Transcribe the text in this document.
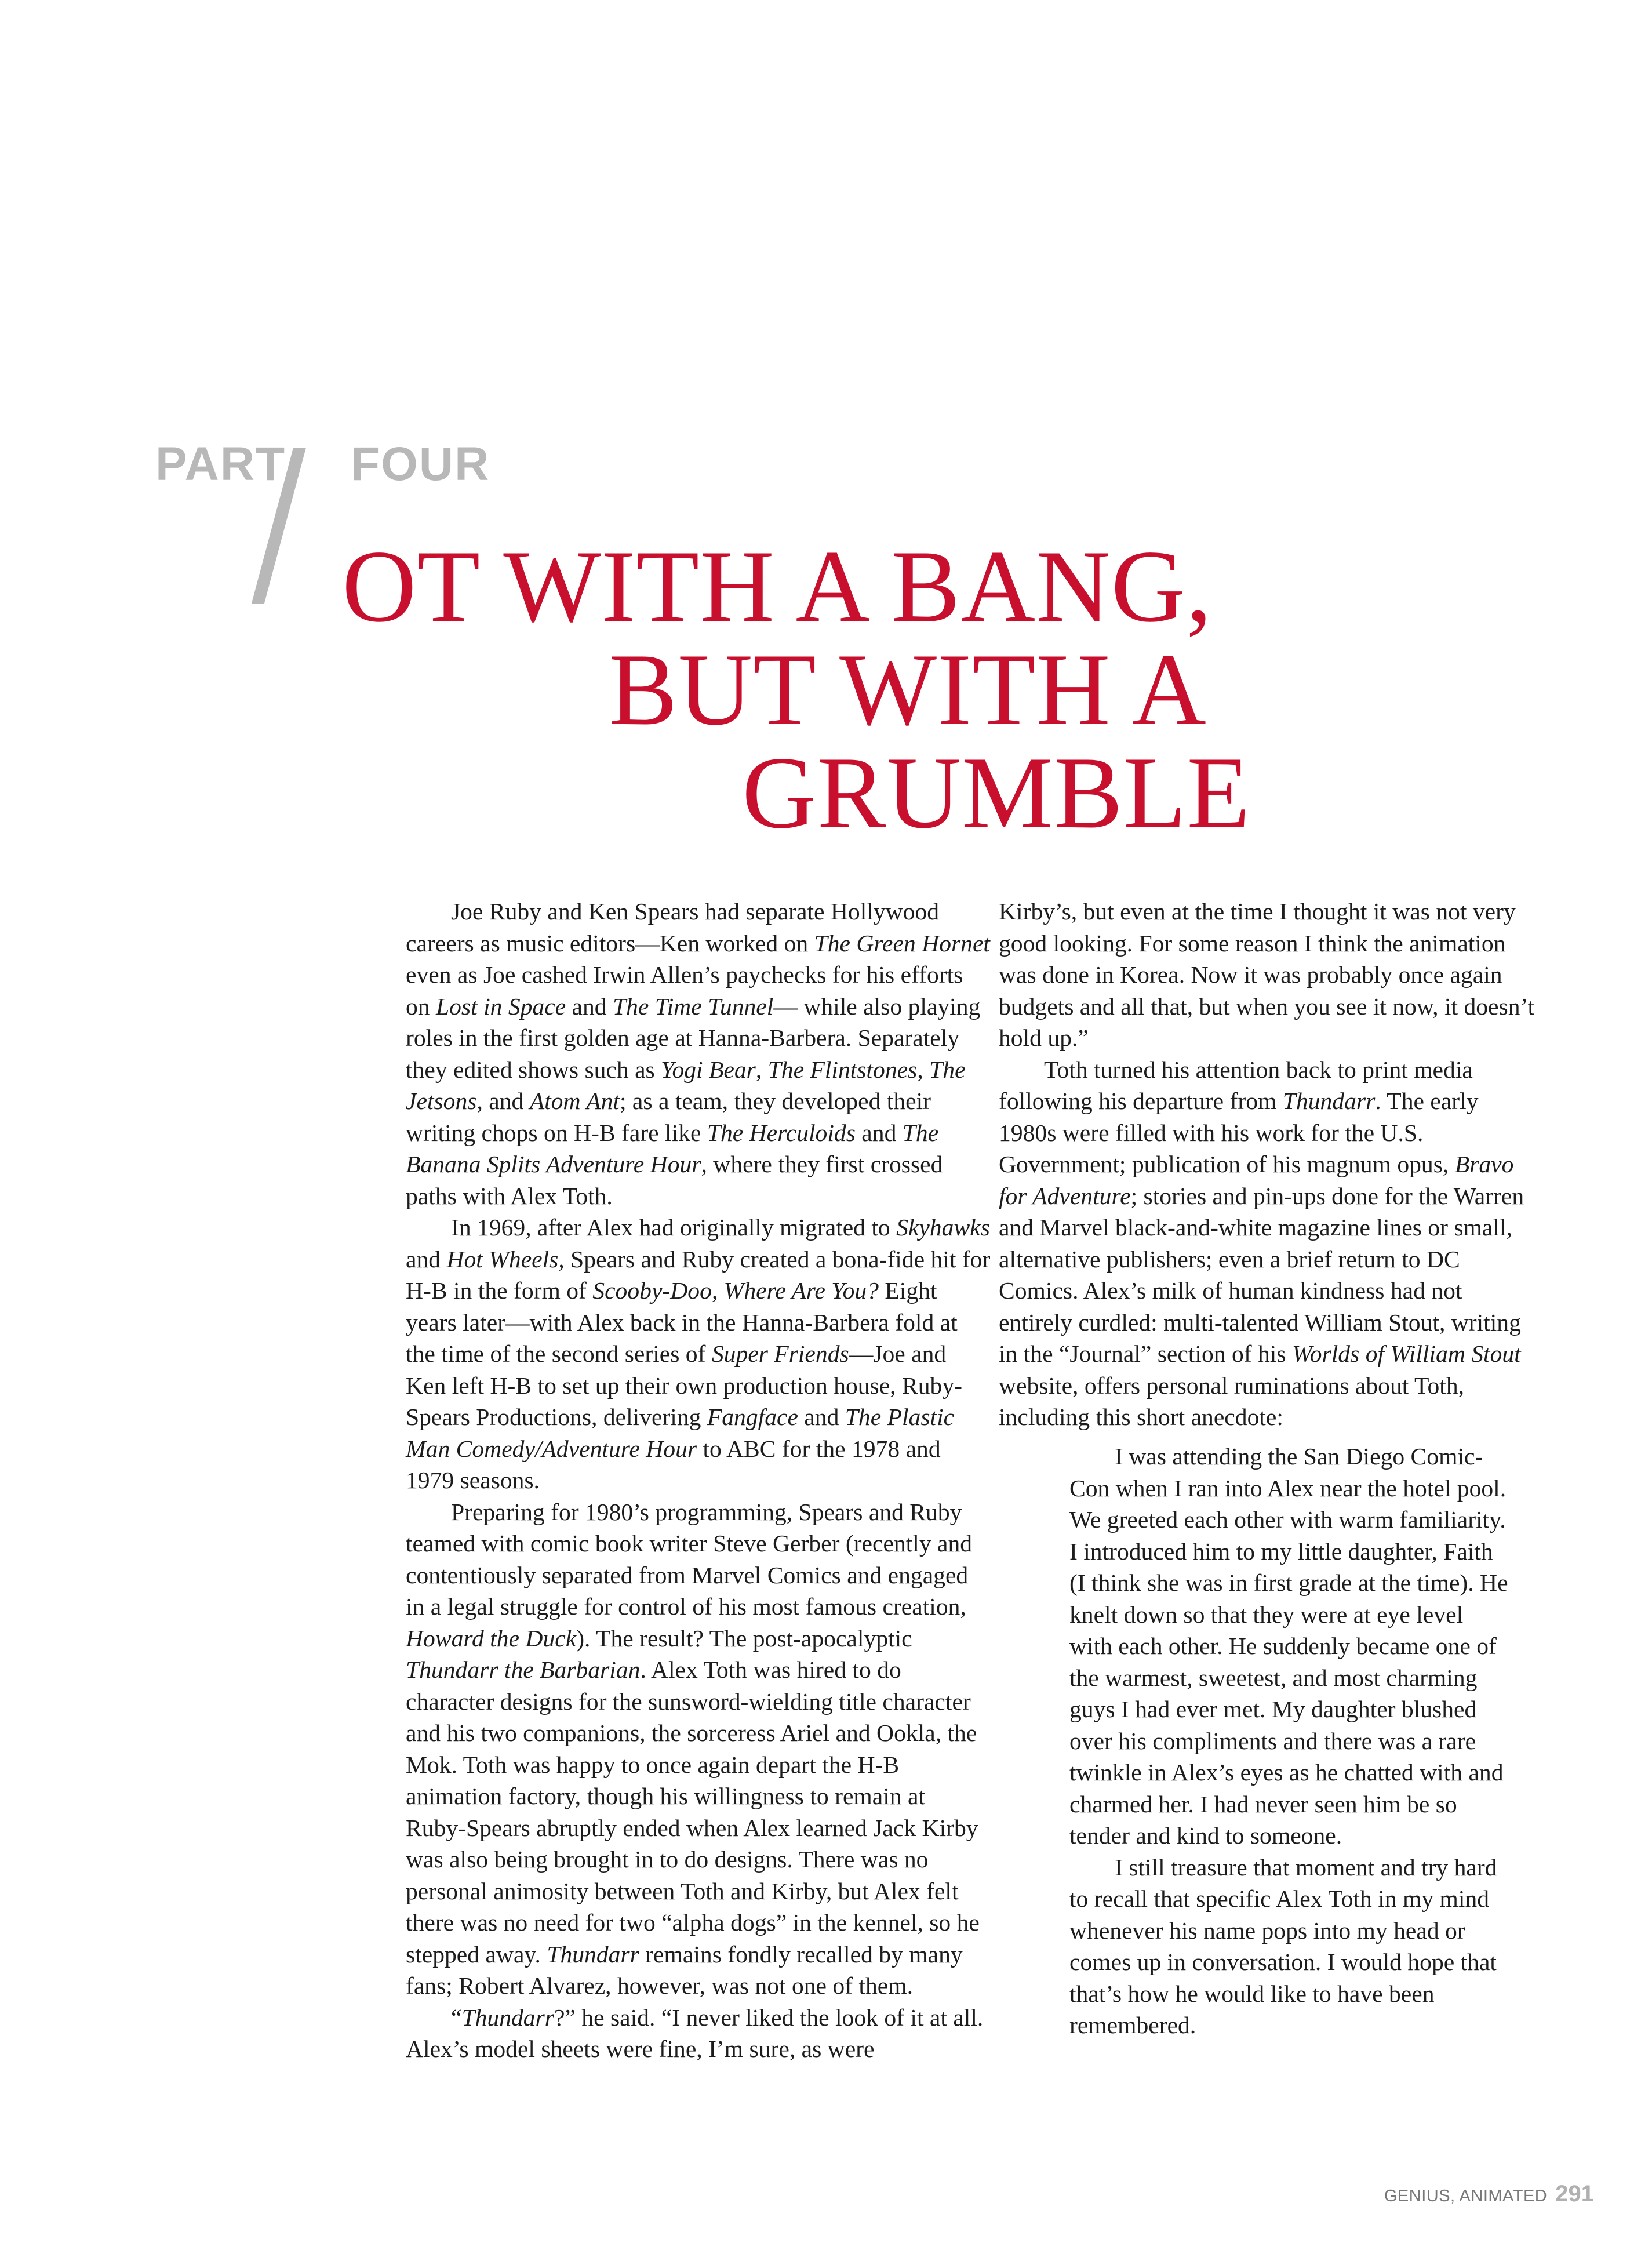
PART FOUR
OT WITH A BANG,
BUT WITH A
GRUMBLE

Joe Ruby and Ken Spears had separate Hollywood careers as music editors—Ken worked on The Green Hornet even as Joe cashed Irwin Allen’s paychecks for his efforts on Lost in Space and The Time Tunnel— while also playing roles in the first golden age at Hanna-Barbera. Separately they edited shows such as Yogi Bear, The Flintstones, The Jetsons, and Atom Ant; as a team, they developed their writing chops on H-B fare like The Herculoids and The Banana Splits Adventure Hour, where they first crossed paths with Alex Toth.

In 1969, after Alex had originally migrated to Skyhawks and Hot Wheels, Spears and Ruby created a bona-fide hit for H-B in the form of Scooby-Doo, Where Are You? Eight years later—with Alex back in the Hanna-Barbera fold at the time of the second series of Super Friends—Joe and Ken left H-B to set up their own production house, Ruby-Spears Productions, delivering Fangface and The Plastic Man Comedy/Adventure Hour to ABC for the 1978 and 1979 seasons.

Preparing for 1980’s programming, Spears and Ruby teamed with comic book writer Steve Gerber (recently and contentiously separated from Marvel Comics and engaged in a legal struggle for control of his most famous creation, Howard the Duck). The result? The post-apocalyptic Thundarr the Barbarian. Alex Toth was hired to do character designs for the sunsword-wielding title character and his two companions, the sorceress Ariel and Ookla, the Mok. Toth was happy to once again depart the H-B animation factory, though his willingness to remain at Ruby-Spears abruptly ended when Alex learned Jack Kirby was also being brought in to do designs. There was no personal animosity between Toth and Kirby, but Alex felt there was no need for two “alpha dogs” in the kennel, so he stepped away. Thundarr remains fondly recalled by many fans; Robert Alvarez, however, was not one of them.

“Thundarr?” he said. “I never liked the look of it at all. Alex’s model sheets were fine, I’m sure, as were

Kirby’s, but even at the time I thought it was not very good looking. For some reason I think the animation was done in Korea. Now it was probably once again budgets and all that, but when you see it now, it doesn’t hold up.”

Toth turned his attention back to print media following his departure from Thundarr. The early 1980s were filled with his work for the U.S. Government; publication of his magnum opus, Bravo for Adventure; stories and pin-ups done for the Warren and Marvel black-and-white magazine lines or small, alternative publishers; even a brief return to DC Comics. Alex’s milk of human kindness had not entirely curdled: multi-talented William Stout, writing in the “Journal” section of his Worlds of William Stout website, offers personal ruminations about Toth, including this short anecdote:

I was attending the San Diego Comic-Con when I ran into Alex near the hotel pool. We greeted each other with warm familiarity. I introduced him to my little daughter, Faith (I think she was in first grade at the time). He knelt down so that they were at eye level with each other. He suddenly became one of the warmest, sweetest, and most charming guys I had ever met. My daughter blushed over his compliments and there was a rare twinkle in Alex’s eyes as he chatted with and charmed her. I had never seen him be so tender and kind to someone.

I still treasure that moment and try hard to recall that specific Alex Toth in my mind whenever his name pops into my head or comes up in conversation. I would hope that that’s how he would like to have been remembered.

GENIUS, ANIMATED 291
